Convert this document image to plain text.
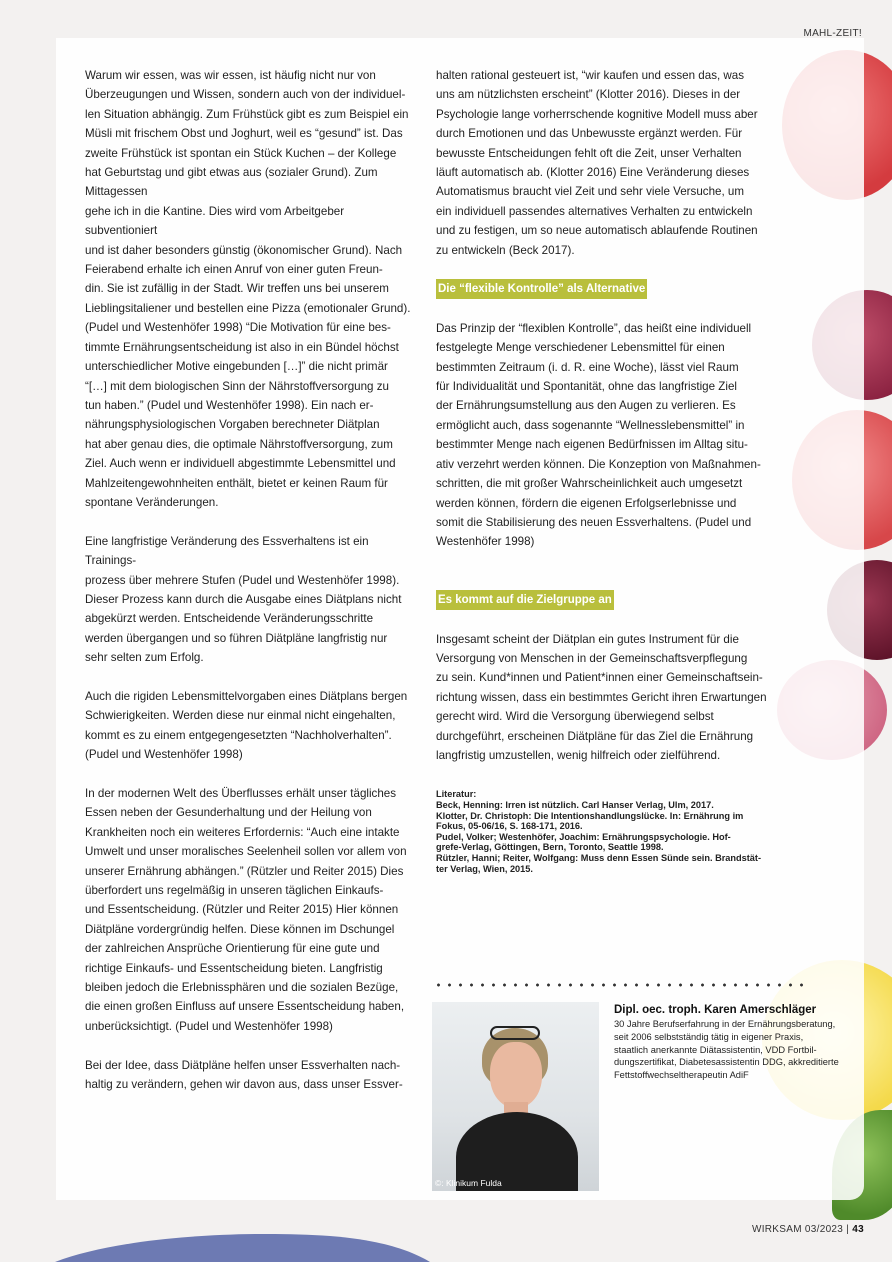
MAHL-ZEIT!

Warum wir essen, was wir essen, ist häufig nicht nur von
Überzeugungen und Wissen, sondern auch von der individuel-
len Situation abhängig. Zum Frühstück gibt es zum Beispiel ein
Müsli mit frischem Obst und Joghurt, weil es “gesund” ist. Das
zweite Frühstück ist spontan ein Stück Kuchen – der Kollege
hat Geburtstag und gibt etwas aus (sozialer Grund). Zum Mittagessen
gehe ich in die Kantine. Dies wird vom Arbeitgeber subventioniert
und ist daher besonders günstig (ökonomischer Grund). Nach
Feierabend erhalte ich einen Anruf von einer guten Freun-
din. Sie ist zufällig in der Stadt. Wir treffen uns bei unserem
Lieblingsitaliener und bestellen eine Pizza (emotionaler Grund).
(Pudel und Westenhöfer 1998) “Die Motivation für eine bes-
timmte Ernährungsentscheidung ist also in ein Bündel höchst
unterschiedlicher Motive eingebunden […]” die nicht primär
“[…] mit dem biologischen Sinn der Nährstoffversorgung zu
tun haben.” (Pudel und Westenhöfer 1998). Ein nach er-
nährungsphysiologischen Vorgaben berechneter Diätplan
hat aber genau dies, die optimale Nährstoffversorgung, zum
Ziel. Auch wenn er individuell abgestimmte Lebensmittel und
Mahlzeitengewohnheiten enthält, bietet er keinen Raum für
spontane Veränderungen.

Eine langfristige Veränderung des Essverhaltens ist ein Trainings-
prozess über mehrere Stufen (Pudel und Westenhöfer 1998).
Dieser Prozess kann durch die Ausgabe eines Diätplans nicht
abgekürzt werden. Entscheidende Veränderungsschritte
werden übergangen und so führen Diätpläne langfristig nur
sehr selten zum Erfolg.

Auch die rigiden Lebensmittelvorgaben eines Diätplans bergen
Schwierigkeiten. Werden diese nur einmal nicht eingehalten,
kommt es zu einem entgegengesetzten “Nachholverhalten”.
(Pudel und Westenhöfer 1998)

In der modernen Welt des Überflusses erhält unser tägliches
Essen neben der Gesunderhaltung und der Heilung von
Krankheiten noch ein weiteres Erfordernis: “Auch eine intakte
Umwelt und unser moralisches Seelenheil sollen vor allem von
unserer Ernährung abhängen.” (Rützler und Reiter 2015) Dies
überfordert uns regelmäßig in unseren täglichen Einkaufs-
und Essentscheidung. (Rützler und Reiter 2015) Hier können
Diätpläne vordergründig helfen. Diese können im Dschungel
der zahlreichen Ansprüche Orientierung für eine gute und
richtige Einkaufs- und Essentscheidung bieten. Langfristig
bleiben jedoch die Erlebnissphären und die sozialen Bezüge,
die einen großen Einfluss auf unsere Essentscheidung haben,
unberücksichtigt. (Pudel und Westenhöfer 1998)

Bei der Idee, dass Diätpläne helfen unser Essverhalten nach-
haltig zu verändern, gehen wir davon aus, dass unser Essver-

halten rational gesteuert ist, “wir kaufen und essen das, was
uns am nützlichsten erscheint” (Klotter 2016). Dieses in der
Psychologie lange vorherrschende kognitive Modell muss aber
durch Emotionen und das Unbewusste ergänzt werden. Für
bewusste Entscheidungen fehlt oft die Zeit, unser Verhalten
läuft automatisch ab. (Klotter 2016) Eine Veränderung dieses
Automatismus braucht viel Zeit und sehr viele Versuche, um
ein individuell passendes alternatives Verhalten zu entwickeln
und zu festigen, um so neue automatisch ablaufende Routinen
zu entwickeln (Beck 2017).

Die “flexible Kontrolle” als Alternative

Das Prinzip der “flexiblen Kontrolle”, das heißt eine individuell
festgelegte Menge verschiedener Lebensmittel für einen
bestimmten Zeitraum (i. d. R. eine Woche), lässt viel Raum
für Individualität und Spontanität, ohne das langfristige Ziel
der Ernährungsumstellung aus den Augen zu verlieren. Es
ermöglicht auch, dass sogenannte “Wellnesslebensmittel” in
bestimmter Menge nach eigenen Bedürfnissen im Alltag situ-
ativ verzehrt werden können. Die Konzeption von Maßnahmen-
schritten, die mit großer Wahrscheinlichkeit auch umgesetzt
werden können, fördern die eigenen Erfolgserlebnisse und
somit die Stabilisierung des neuen Essverhaltens. (Pudel und
Westenhöfer 1998)

Es kommt auf die Zielgruppe an

Insgesamt scheint der Diätplan ein gutes Instrument für die
Versorgung von Menschen in der Gemeinschaftsverpflegung
zu sein. Kund*innen und Patient*innen einer Gemeinschaftsein-
richtung wissen, dass ein bestimmtes Gericht ihren Erwartungen
gerecht wird. Wird die Versorgung überwiegend selbst
durchgeführt, erscheinen Diätpläne für das Ziel die Ernährung
langfristig umzustellen, wenig hilfreich oder zielführend.

Literatur:
Beck, Henning: Irren ist nützlich. Carl Hanser Verlag, Ulm, 2017.
Klotter, Dr. Christoph: Die Intentionshandlungslücke. In: Ernährung im
Fokus, 05-06/16, S. 168-171, 2016.
Pudel, Volker; Westenhöfer, Joachim: Ernährungspsychologie. Hof-
grefe-Verlag, Göttingen, Bern, Toronto, Seattle 1998.
Rützler, Hanni; Reiter, Wolfgang: Muss denn Essen Sünde sein. Brandstät-
ter Verlag, Wien, 2015.
©: Klinikum Fulda
Dipl. oec. troph. Karen Amerschläger
30 Jahre Berufserfahrung in der Ernährungsberatung,
seit 2006 selbstständig tätig in eigener Praxis,
staatlich anerkannte Diätassistentin, VDD Fortbil-
dungszertifikat, Diabetesassistentin DDG, akkreditierte
Fettstoffwechseltherapeutin AdiF
WIRKSAM 03/2023 | 43
